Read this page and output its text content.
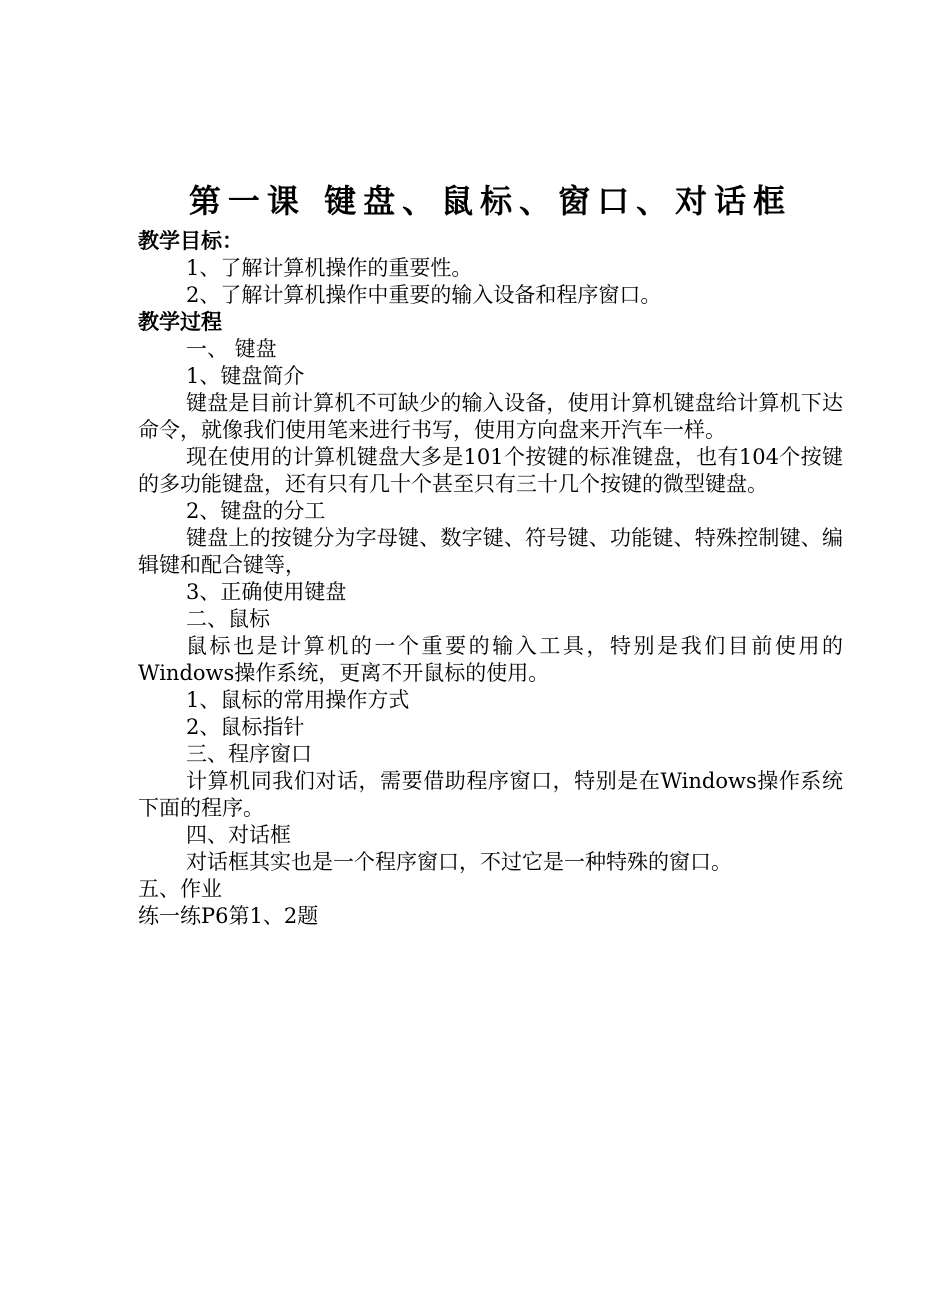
第一课 键盘、鼠标、窗口、对话框

教学目标：

1、了解计算机操作的重要性。

2、了解计算机操作中重要的输入设备和程序窗口。

教学过程

一、 键盘

1、键盘简介

键盘是目前计算机不可缺少的输入设备，使用计算机键盘给计算机下达命令，就像我们使用笔来进行书写，使用方向盘来开汽车一样。

现在使用的计算机键盘大多是101个按键的标准键盘，也有104个按键的多功能键盘，还有只有几十个甚至只有三十几个按键的微型键盘。

2、键盘的分工

键盘上的按键分为字母键、数字键、符号键、功能键、特殊控制键、编辑键和配合键等，

3、正确使用键盘

二、鼠标

鼠标也是计算机的一个重要的输入工具，特别是我们目前使用的Windows操作系统，更离不开鼠标的使用。

1、鼠标的常用操作方式

2、鼠标指针

三、程序窗口

计算机同我们对话，需要借助程序窗口，特别是在Windows操作系统下面的程序。

四、对话框

对话框其实也是一个程序窗口，不过它是一种特殊的窗口。

五、作业

练一练P6第1、2题
